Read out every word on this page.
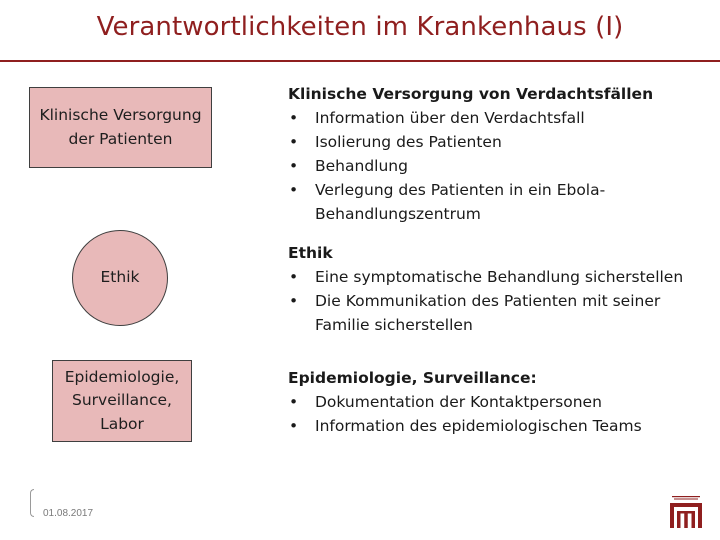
Verantwortlichkeiten im Krankenhaus (I)
Klinische Versorgung
der Patienten
Ethik
Epidemiologie,
Surveillance,
Labor
Klinische Versorgung von Verdachtsfällen
• Information über den Verdachtsfall
• Isolierung des Patienten
• Behandlung
• Verlegung des Patienten in ein Ebola-Behandlungszentrum
Ethik
• Eine symptomatische Behandlung sicherstellen
• Die Kommunikation des Patienten mit seiner Familie sicherstellen
Epidemiologie, Surveillance:
• Dokumentation der Kontaktpersonen
• Information des epidemiologischen Teams
01.08.2017
